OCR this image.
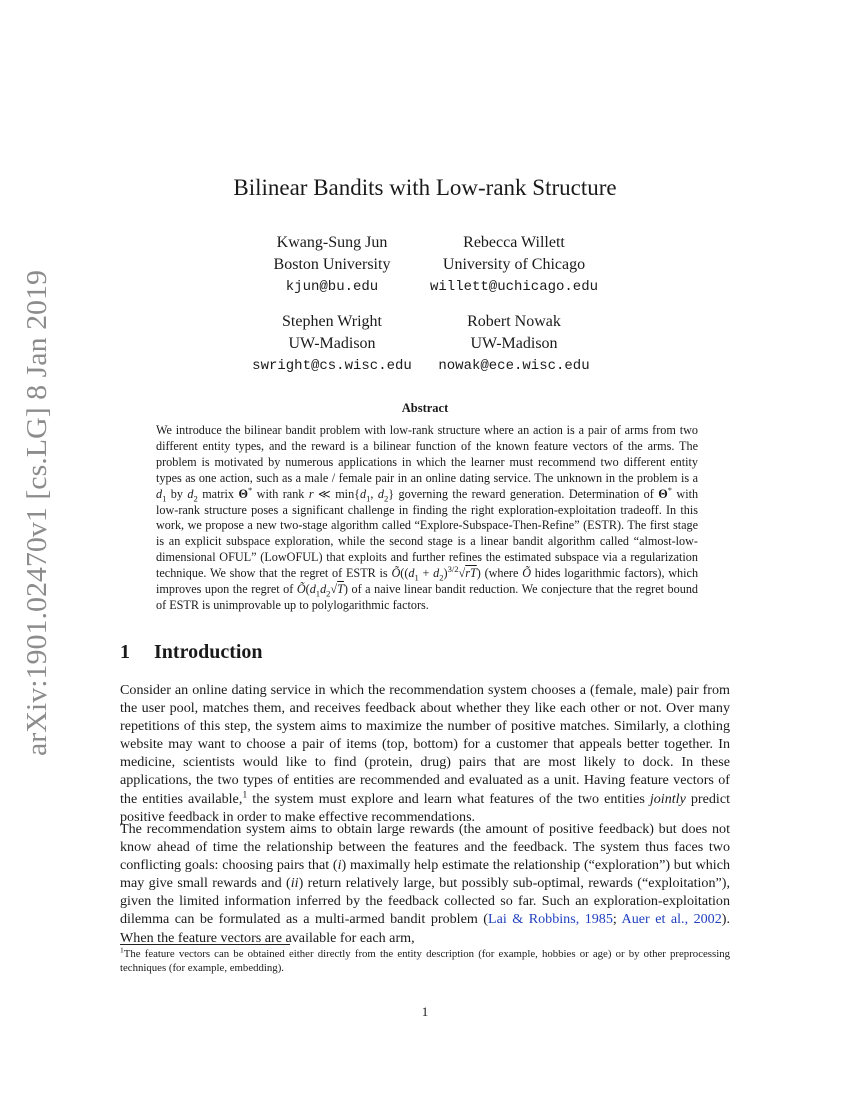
arXiv:1901.02470v1 [cs.LG] 8 Jan 2019
Bilinear Bandits with Low-rank Structure
Kwang-Sung Jun
Boston University
kjun@bu.edu
Rebecca Willett
University of Chicago
willett@uchicago.edu
Stephen Wright
UW-Madison
swright@cs.wisc.edu
Robert Nowak
UW-Madison
nowak@ece.wisc.edu
Abstract

We introduce the bilinear bandit problem with low-rank structure where an action is a pair of arms from two different entity types, and the reward is a bilinear function of the known feature vectors of the arms. The problem is motivated by numerous applications in which the learner must recommend two different entity types as one action, such as a male / female pair in an online dating service. The unknown in the problem is a $d_1$ by $d_2$ matrix Θ* with rank r ≪ $\min\{d_1$, $d_2$} governing the reward generation. Determination of Θ* with low-rank structure poses a significant challenge in finding the right exploration-exploitation tradeoff. In this work, we propose a new two-stage algorithm called “Explore-Subspace-Then-Refine” (ESTR). The first stage is an explicit subspace exploration, while the second stage is a linear bandit algorithm called “almost-low-dimensional OFUL” (LowOFUL) that exploits and further refines the estimated subspace via a regularization technique. We show that the regret of ESTR is $Õ((d_1 + d_2)^{3/2}√rT)$ (where Õ hides logarithmic factors), which improves upon the regret of $Õ(d_1d_2√T)$ of a naive linear bandit reduction. We conjecture that the regret bound of ESTR is unimprovable up to polylogarithmic factors.

1 Introduction

Consider an online dating service in which the recommendation system chooses a (female, male) pair from the user pool, matches them, and receives feedback about whether they like each other or not. Over many repetitions of this step, the system aims to maximize the number of positive matches. Similarly, a clothing website may want to choose a pair of items (top, bottom) for a customer that appeals better together. In medicine, scientists would like to find (protein, drug) pairs that are most likely to dock. In these applications, the two types of entities are recommended and evaluated as a unit. Having feature vectors of the entities available,$^1$ the system must explore and learn what features of the two entities jointly predict positive feedback in order to make effective recommendations.

The recommendation system aims to obtain large rewards (the amount of positive feedback) but does not know ahead of time the relationship between the features and the feedback. The system thus faces two conflicting goals: choosing pairs that (i) maximally help estimate the relationship (“exploration”) but which may give small rewards and (ii) return relatively large, but possibly sub-optimal, rewards (“exploitation”), given the limited information inferred by the feedback collected so far. Such an exploration-exploitation dilemma can be formulated as a multi-armed bandit problem (Lai & Robbins, 1985; Auer et al., 2002). When the feature vectors are available for each arm,

$^1$The feature vectors can be obtained either directly from the entity description (for example, hobbies or age) or by other preprocessing techniques (for example, embedding).

1
